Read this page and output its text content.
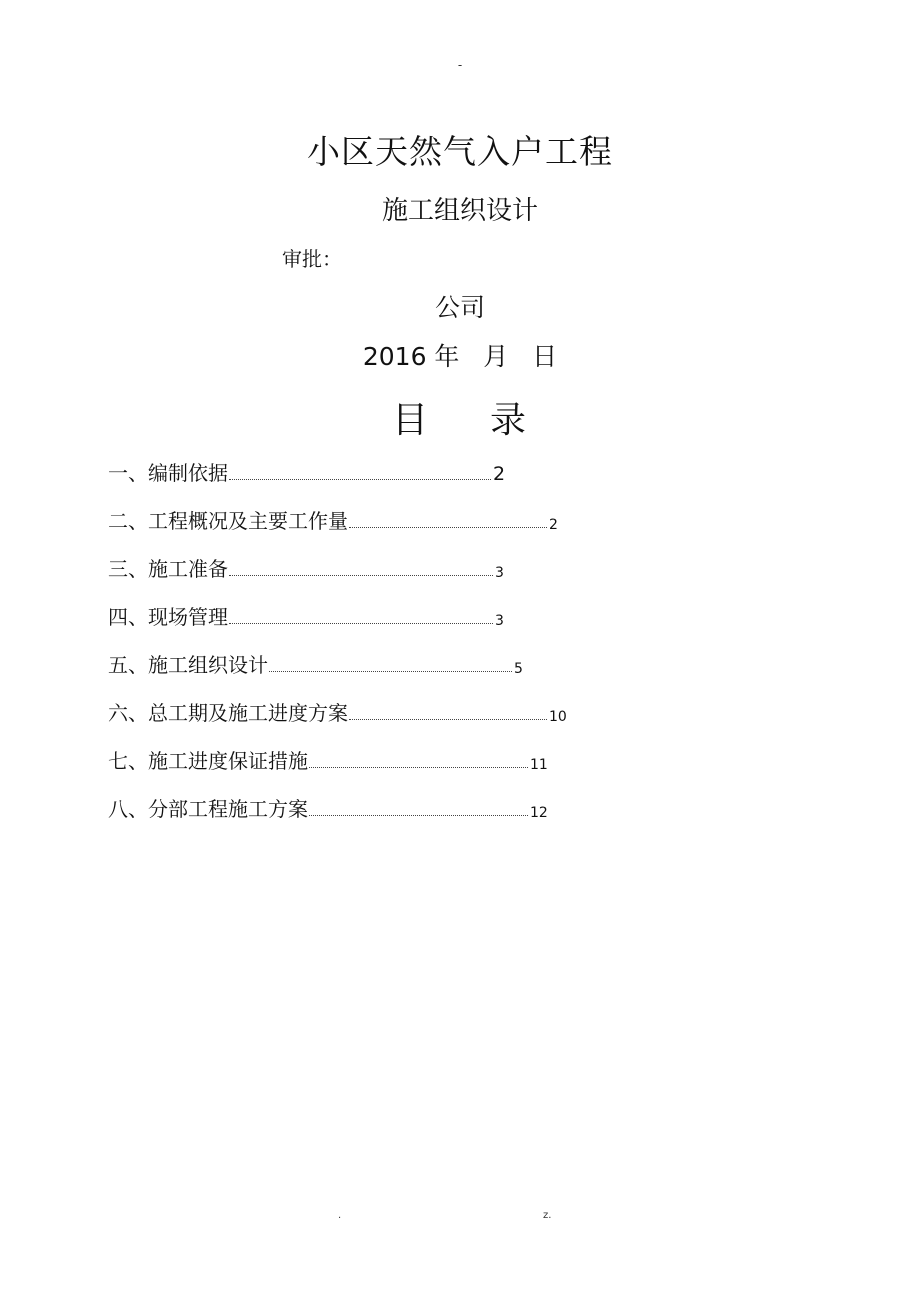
-
小区天然气入户工程
施工组织设计
审批：
公司
2016 年   月   日
目 录
一、编制依据	2
二、工程概况及主要工作量	2
三、施工准备	3
四、现场管理	3
五、施工组织设计	5
六、总工期及施工进度方案	10
七、施工进度保证措施	11
八、分部工程施工方案	12
.	z.
